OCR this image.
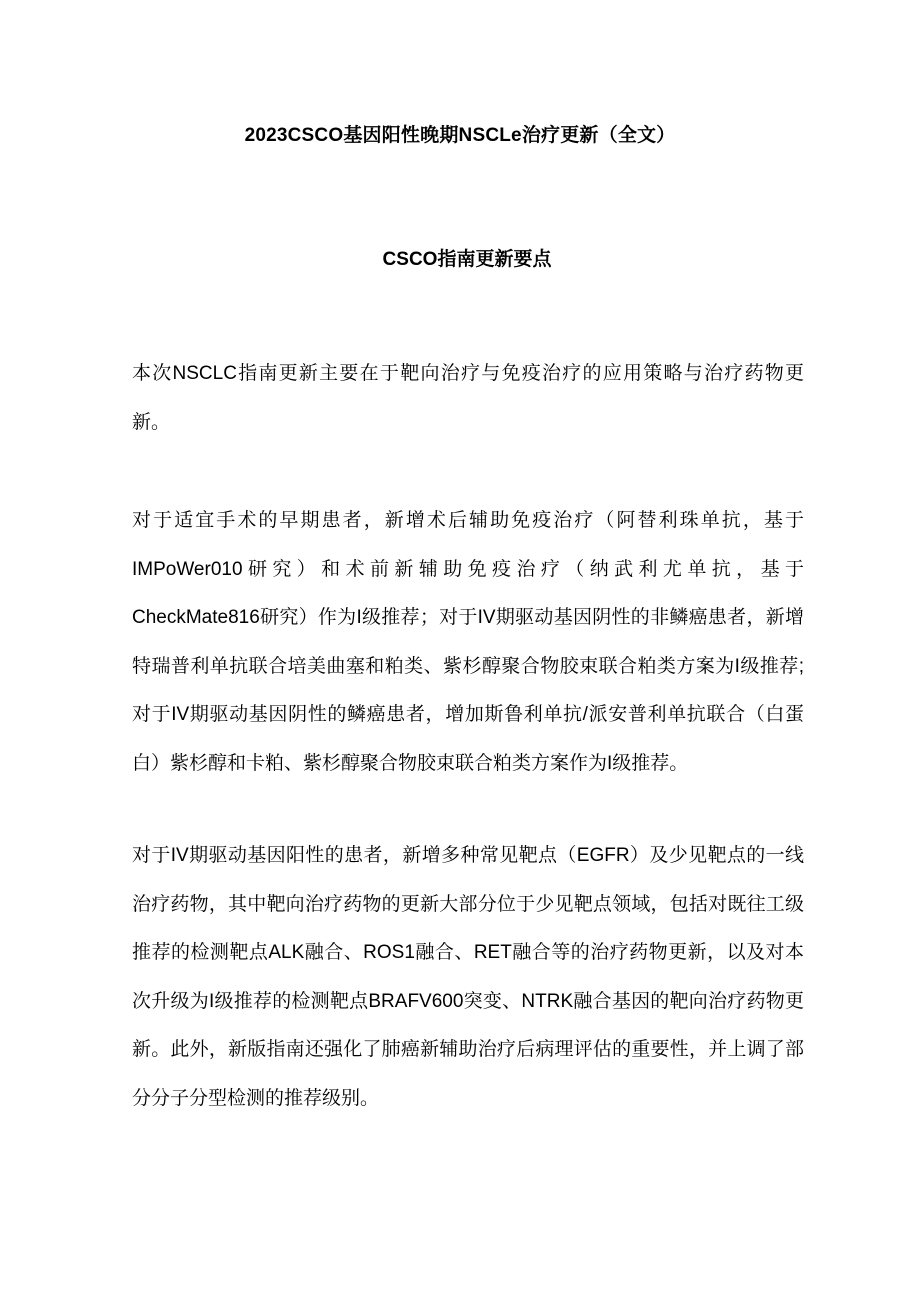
2023CSCO基因阳性晚期NSCLe治疗更新（全文）
CSCO指南更新要点

本次NSCLC指南更新主要在于靶向治疗与免疫治疗的应用策略与治疗药物更新。

对于适宜手术的早期患者，新增术后辅助免疫治疗（阿替利珠单抗，基于IMPoWer010研究）和术前新辅助免疫治疗（纳武利尤单抗，基于CheckMate816研究）作为I级推荐；对于IV期驱动基因阴性的非鳞癌患者，新增特瑞普利单抗联合培美曲塞和粕类、紫杉醇聚合物胶束联合粕类方案为I级推荐;对于IV期驱动基因阴性的鳞癌患者，增加斯鲁利单抗/派安普利单抗联合（白蛋白）紫杉醇和卡粕、紫杉醇聚合物胶束联合粕类方案作为I级推荐。

对于IV期驱动基因阳性的患者，新增多种常见靶点（EGFR）及少见靶点的一线治疗药物，其中靶向治疗药物的更新大部分位于少见靶点领域，包括对既往工级推荐的检测靶点ALK融合、ROS1融合、RET融合等的治疗药物更新，以及对本次升级为I级推荐的检测靶点BRAFV600突变、NTRK融合基因的靶向治疗药物更新。此外，新版指南还强化了肺癌新辅助治疗后病理评估的重要性，并上调了部分分子分型检测的推荐级别。
